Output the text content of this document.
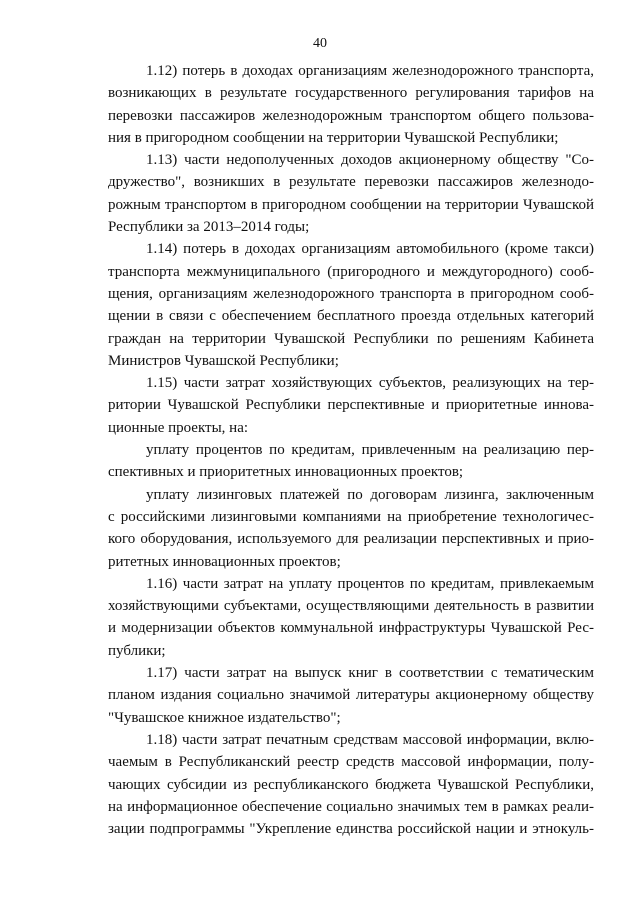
40

1.12) потерь в доходах организациям железнодорожного транспорта,
возникающих в результате государственного регулирования тарифов на
перевозки пассажиров железнодорожным транспортом общего пользова-
ния в пригородном сообщении на территории Чувашской Республики;

1.13) части недополученных доходов акционерному обществу "Со-
дружество", возникших в результате перевозки пассажиров железнодо-
рожным транспортом в пригородном сообщении на территории Чувашской
Республики за 2013–2014 годы;

1.14) потерь в доходах организациям автомобильного (кроме такси)
транспорта межмуниципального (пригородного и междугородного) сооб-
щения, организациям железнодорожного транспорта в пригородном сооб-
щении в связи с обеспечением бесплатного проезда отдельных категорий
граждан на территории Чувашской Республики по решениям Кабинета
Министров Чувашской Республики;

1.15) части затрат хозяйствующих субъектов, реализующих на тер-
ритории Чувашской Республики перспективные и приоритетные иннова-
ционные проекты, на:

уплату процентов по кредитам, привлеченным на реализацию пер-
спективных и приоритетных инновационных проектов;

уплату лизинговых платежей по договорам лизинга, заключенным
с российскими лизинговыми компаниями на приобретение технологичес-
кого оборудования, используемого для реализации перспективных и прио-
ритетных инновационных проектов;

1.16) части затрат на уплату процентов по кредитам, привлекаемым
хозяйствующими субъектами, осуществляющими деятельность в развитии
и модернизации объектов коммунальной инфраструктуры Чувашской Рес-
публики;

1.17) части затрат на выпуск книг в соответствии с тематическим
планом издания социально значимой литературы акционерному обществу
"Чувашское книжное издательство";

1.18) части затрат печатным средствам массовой информации, вклю-
чаемым в Республиканский реестр средств массовой информации, полу-
чающих субсидии из республиканского бюджета Чувашской Республики,
на информационное обеспечение социально значимых тем в рамках реали-
зации подпрограммы "Укрепление единства российской нации и этнокуль-
